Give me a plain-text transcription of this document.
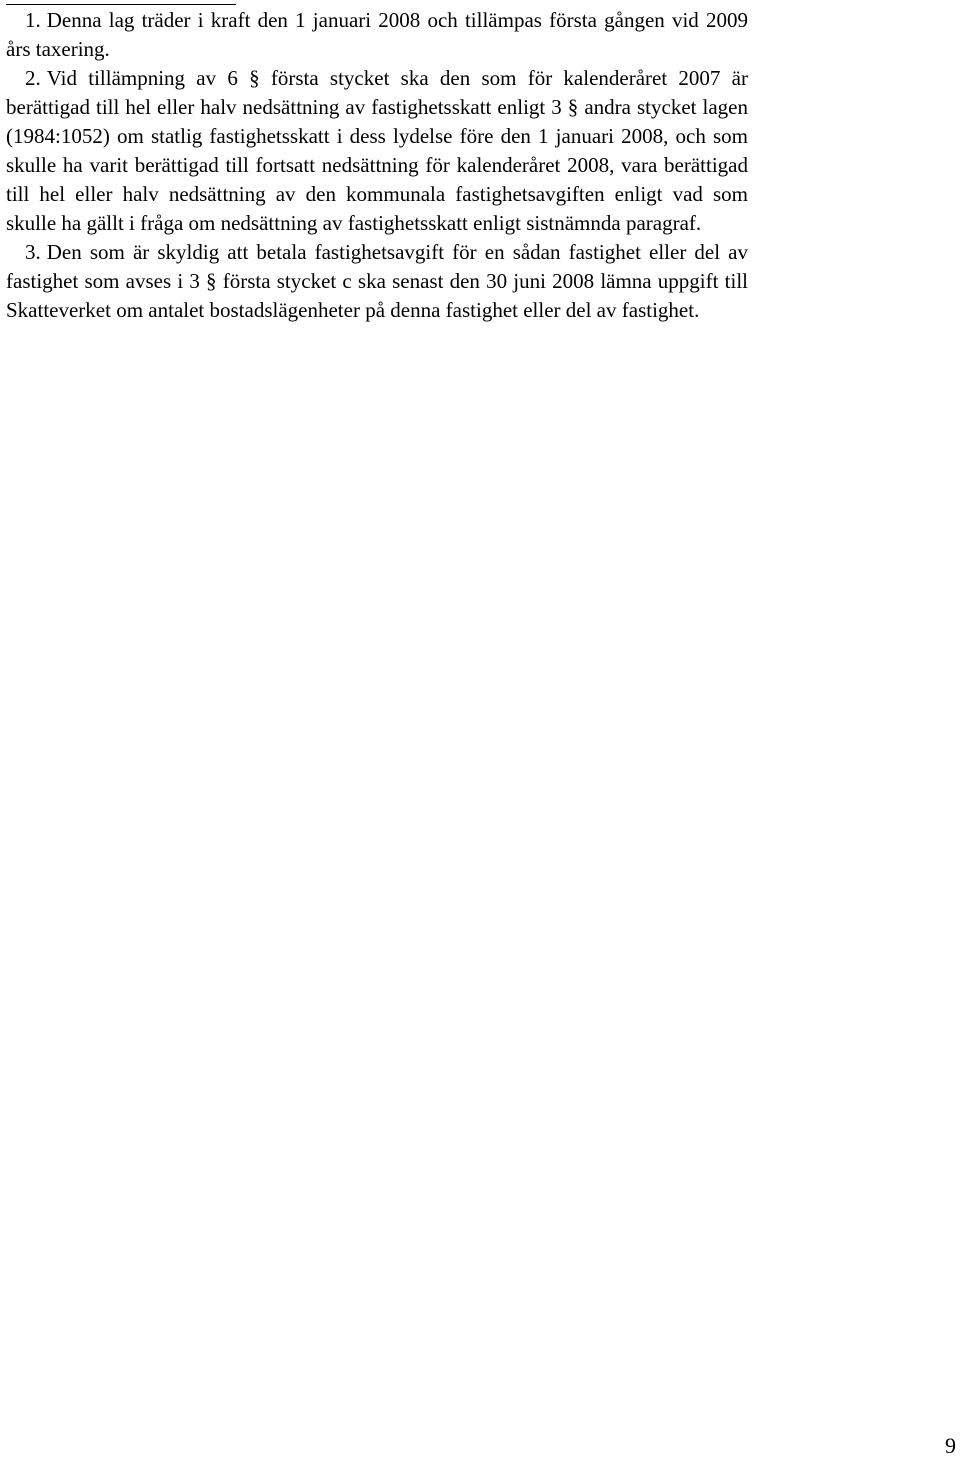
1. Denna lag träder i kraft den 1 januari 2008 och tillämpas första gången vid 2009 års taxering.

2. Vid tillämpning av 6 § första stycket ska den som för kalenderåret 2007 är berättigad till hel eller halv nedsättning av fastighetsskatt enligt 3 § andra stycket lagen (1984:1052) om statlig fastighetsskatt i dess lydelse före den 1 januari 2008, och som skulle ha varit berättigad till fortsatt nedsättning för kalenderåret 2008, vara berättigad till hel eller halv nedsättning av den kommunala fastighetsavgiften enligt vad som skulle ha gällt i fråga om nedsättning av fastighetsskatt enligt sistnämnda paragraf.

3. Den som är skyldig att betala fastighetsavgift för en sådan fastighet eller del av fastighet som avses i 3 § första stycket c ska senast den 30 juni 2008 lämna uppgift till Skatteverket om antalet bostadslägenheter på denna fastighet eller del av fastighet.

9
